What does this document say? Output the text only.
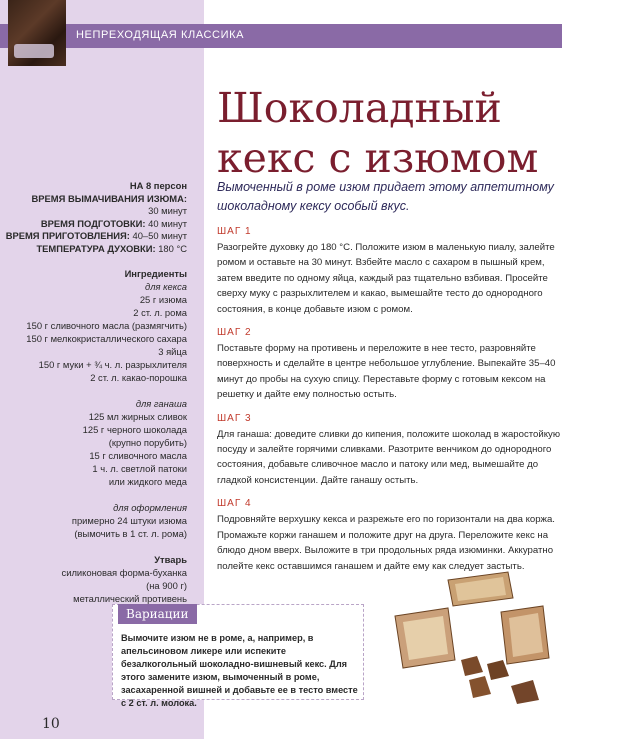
НЕПРЕХОДЯЩАЯ КЛАССИКА
Шоколадный
кекс с изюмом

Вымоченный в роме изюм придает этому аппетитному шоколадному кексу особый вкус.

НА 8 персон
ВРЕМЯ ВЫМАЧИВАНИЯ ИЗЮМА:
30 минут
ВРЕМЯ ПОДГОТОВКИ: 40 минут
ВРЕМЯ ПРИГОТОВЛЕНИЯ: 40–50 минут
ТЕМПЕРАТУРА ДУХОВКИ: 180 °С
Ингредиенты
для кекса
25 г изюма
2 ст. л. рома
150 г сливочного масла (размягчить)
150 г мелкокристаллического сахара
3 яйца
150 г муки + ¾ ч. л. разрыхлителя
2 ст. л. какао-порошка
для ганаша
125 мл жирных сливок
125 г черного шоколада
(крупно порубить)
15 г сливочного масла
1 ч. л. светлой патоки
или жидкого меда
для оформления
примерно 24 штуки изюма
(вымочить в 1 ст. л. рома)
Утварь
силиконовая форма-буханка
(на 900 г)
металлический противень

ШАГ 1

Разогрейте духовку до 180 °С. Положите изюм в маленькую пиалу, залейте ромом и оставьте на 30 минут. Взбейте масло с сахаром в пышный крем, затем введите по одному яйца, каждый раз тщательно взбивая. Просейте сверху муку с разрыхлителем и какао, вымешайте тесто до однородного состояния, в конце добавьте изюм с ромом.

ШАГ 2

Поставьте форму на противень и переложите в нее тесто, разровняйте поверхность и сделайте в центре небольшое углубление. Выпекайте 35–40 минут до пробы на сухую спицу. Переставьте форму с готовым кексом на решетку и дайте ему полностью остыть.

ШАГ 3

Для ганаша: доведите сливки до кипения, положите шоколад в жаростойкую посуду и залейте горячими сливками. Разотрите венчиком до однородного состояния, добавьте сливочное масло и патоку или мед, вымешайте до гладкой консистенции. Дайте ганашу остыть.

ШАГ 4

Подровняйте верхушку кекса и разрежьте его по горизонтали на два коржа. Промажьте коржи ганашем и положите друг на друга. Переложите кекс на блюдо дном вверх. Выложите в три продольных ряда изюминки. Аккуратно полейте кекс оставшимся ганашем и дайте ему как следует застыть.

Вариации

Вымочите изюм не в роме, а, например, в апельсиновом ликере или испеките безалкогольный шоколадно-вишневый кекс. Для этого замените изюм, вымоченный в роме, засахаренной вишней и добавьте ее в тесто вместе с 2 ст. л. молока.

10
